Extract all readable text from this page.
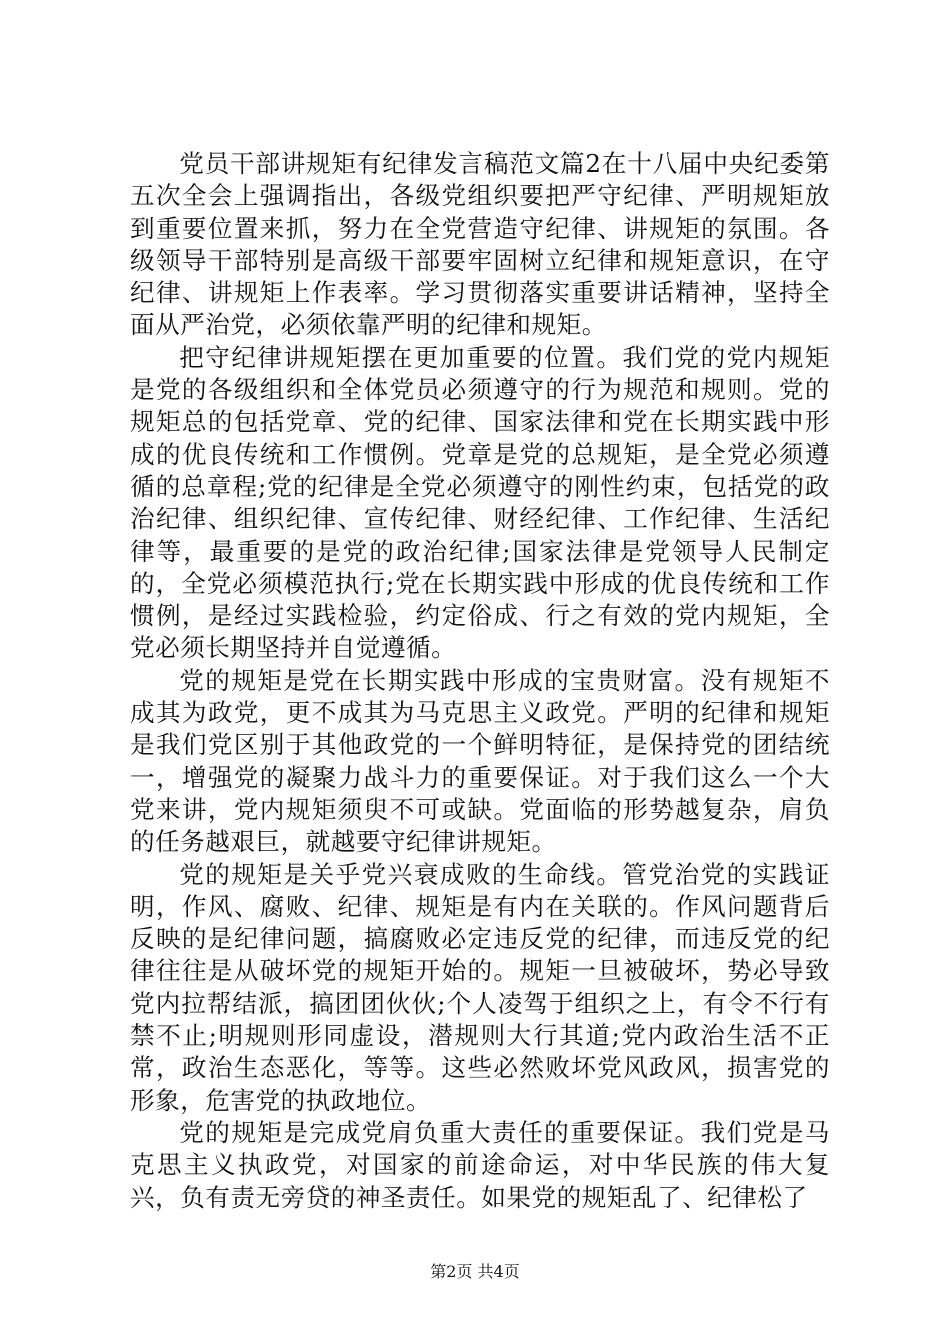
党员干部讲规矩有纪律发言稿范文篇2在十八届中央纪委第五次全会上强调指出，各级党组织要把严守纪律、严明规矩放到重要位置来抓，努力在全党营造守纪律、讲规矩的氛围。各级领导干部特别是高级干部要牢固树立纪律和规矩意识，在守纪律、讲规矩上作表率。学习贯彻落实重要讲话精神，坚持全面从严治党，必须依靠严明的纪律和规矩。

把守纪律讲规矩摆在更加重要的位置。我们党的党内规矩是党的各级组织和全体党员必须遵守的行为规范和规则。党的规矩总的包括党章、党的纪律、国家法律和党在长期实践中形成的优良传统和工作惯例。党章是党的总规矩，是全党必须遵循的总章程;党的纪律是全党必须遵守的刚性约束，包括党的政治纪律、组织纪律、宣传纪律、财经纪律、工作纪律、生活纪律等，最重要的是党的政治纪律;国家法律是党领导人民制定的，全党必须模范执行;党在长期实践中形成的优良传统和工作惯例，是经过实践检验，约定俗成、行之有效的党内规矩，全党必须长期坚持并自觉遵循。

党的规矩是党在长期实践中形成的宝贵财富。没有规矩不成其为政党，更不成其为马克思主义政党。严明的纪律和规矩是我们党区别于其他政党的一个鲜明特征，是保持党的团结统一，增强党的凝聚力战斗力的重要保证。对于我们这么一个大党来讲，党内规矩须臾不可或缺。党面临的形势越复杂，肩负的任务越艰巨，就越要守纪律讲规矩。

党的规矩是关乎党兴衰成败的生命线。管党治党的实践证明，作风、腐败、纪律、规矩是有内在关联的。作风问题背后反映的是纪律问题，搞腐败必定违反党的纪律，而违反党的纪律往往是从破坏党的规矩开始的。规矩一旦被破坏，势必导致党内拉帮结派，搞团团伙伙;个人凌驾于组织之上，有令不行有禁不止;明规则形同虚设，潜规则大行其道;党内政治生活不正常，政治生态恶化，等等。这些必然败坏党风政风，损害党的形象，危害党的执政地位。

党的规矩是完成党肩负重大责任的重要保证。我们党是马克思主义执政党，对国家的前途命运，对中华民族的伟大复兴，负有责无旁贷的神圣责任。如果党的规矩乱了、纪律松了

第2页 共4页
